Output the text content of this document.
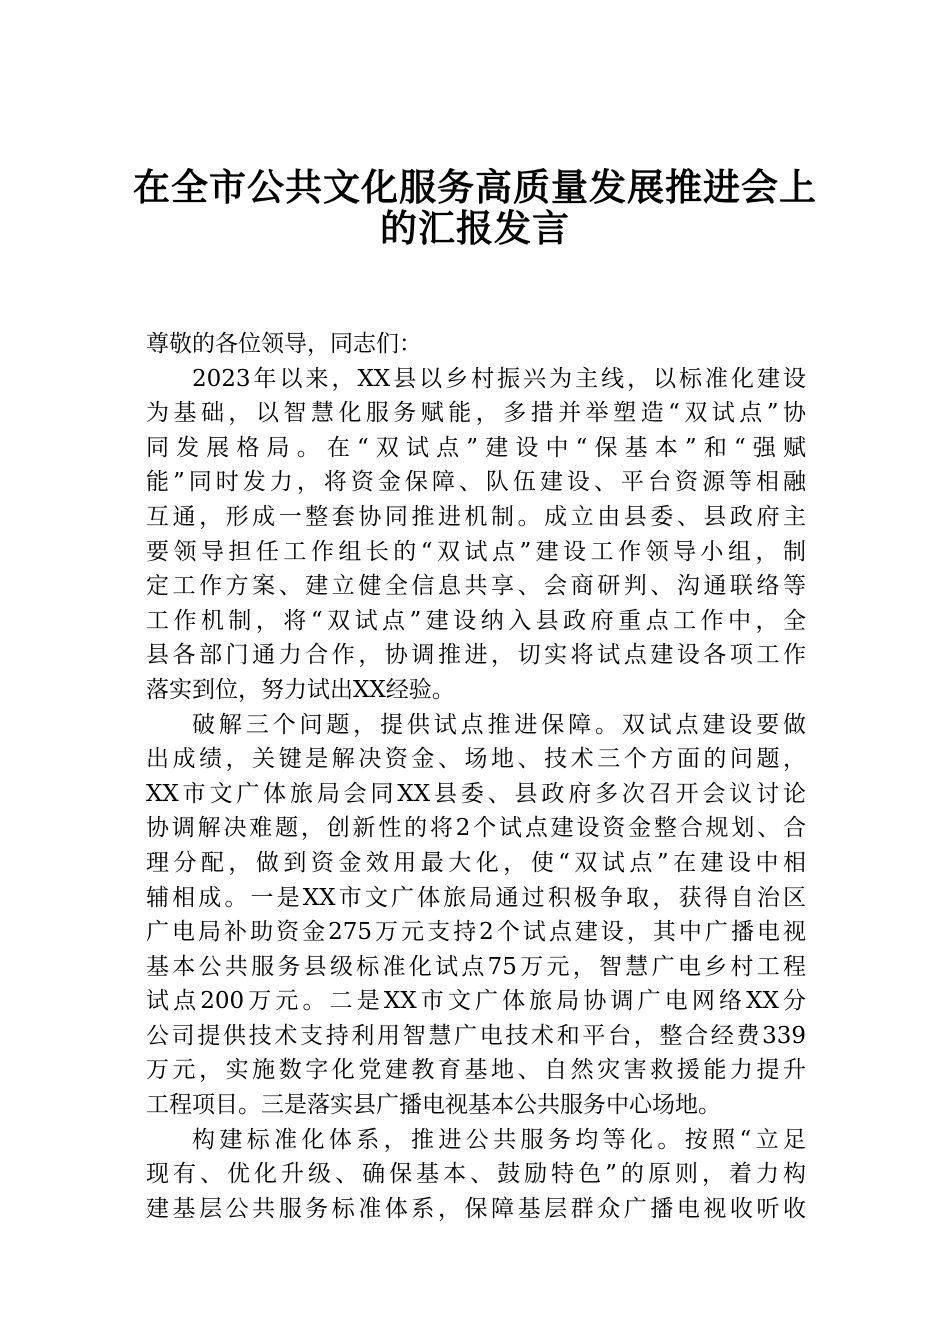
在全市公共文化服务高质量发展推进会上
的汇报发言
尊敬的各位领导，同志们：
2023年以来，XX县以乡村振兴为主线，以标准化建设
为基础，以智慧化服务赋能，多措并举塑造“双试点”协
同发展格局。在“双试点”建设中“保基本”和“强赋
能”同时发力，将资金保障、队伍建设、平台资源等相融
互通，形成一整套协同推进机制。成立由县委、县政府主
要领导担任工作组长的“双试点”建设工作领导小组，制
定工作方案、建立健全信息共享、会商研判、沟通联络等
工作机制，将“双试点”建设纳入县政府重点工作中，全
县各部门通力合作，协调推进，切实将试点建设各项工作
落实到位，努力试出XX经验。
破解三个问题，提供试点推进保障。双试点建设要做
出成绩，关键是解决资金、场地、技术三个方面的问题，
XX市文广体旅局会同XX县委、县政府多次召开会议讨论
协调解决难题，创新性的将2个试点建设资金整合规划、合
理分配，做到资金效用最大化，使“双试点”在建设中相
辅相成。一是XX市文广体旅局通过积极争取，获得自治区
广电局补助资金275万元支持2个试点建设，其中广播电视
基本公共服务县级标准化试点75万元，智慧广电乡村工程
试点200万元。二是XX市文广体旅局协调广电网络XX分
公司提供技术支持利用智慧广电技术和平台，整合经费339
万元，实施数字化党建教育基地、自然灾害救援能力提升
工程项目。三是落实县广播电视基本公共服务中心场地。
构建标准化体系，推进公共服务均等化。按照“立足
现有、优化升级、确保基本、鼓励特色”的原则，着力构
建基层公共服务标准体系，保障基层群众广播电视收听收
